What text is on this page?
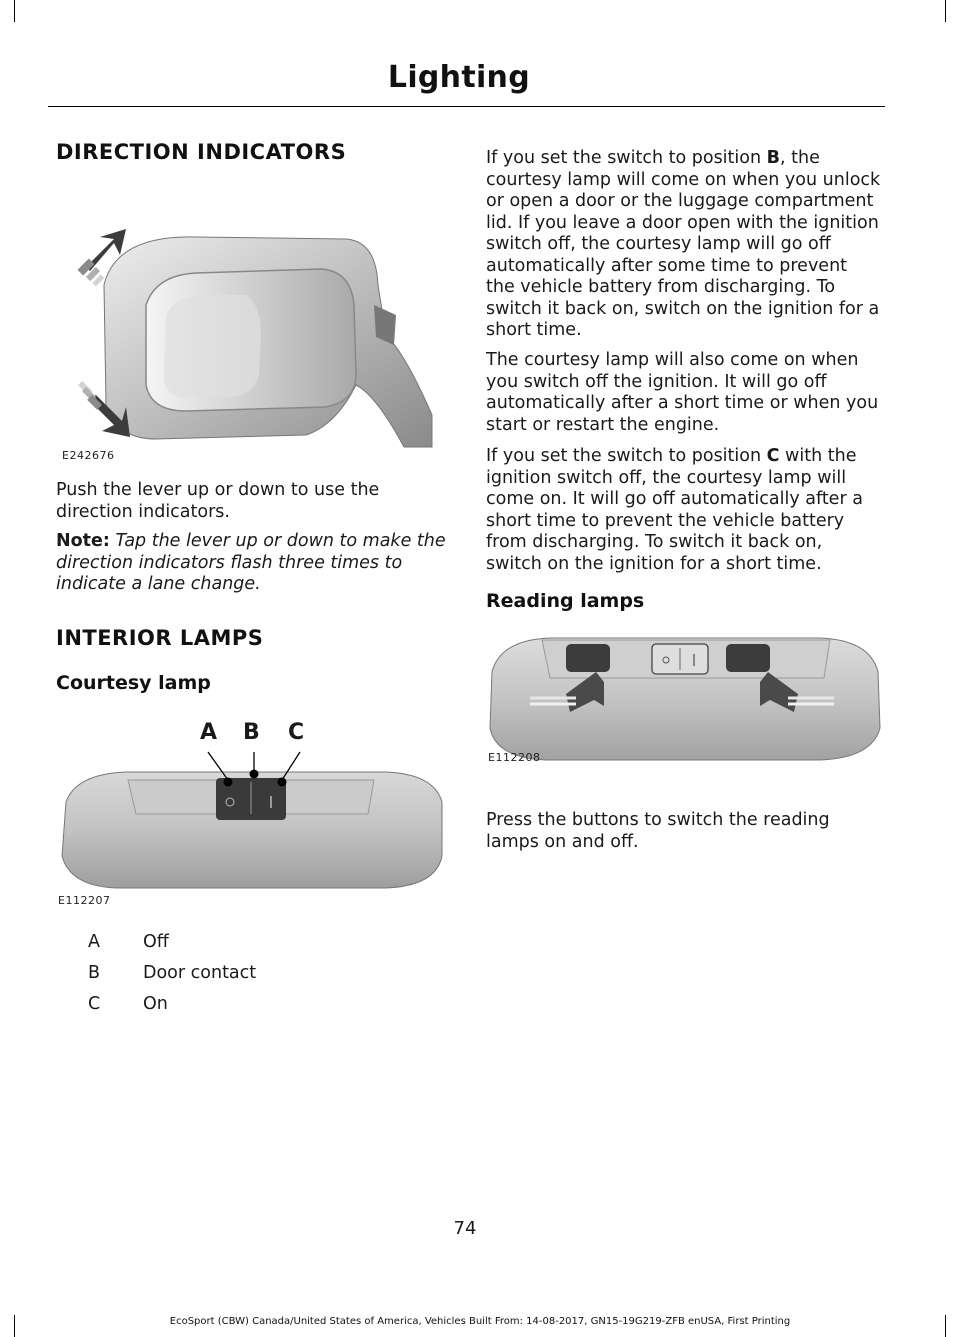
Lighting
DIRECTION INDICATORS
E242676

Push the lever up or down to use the direction indicators.

Note: Tap the lever up or down to make the direction indicators flash three times to indicate a lane change.

INTERIOR LAMPS
Courtesy lamp
A B C
E112207
A	Off
B	Door contact
C	On

If you set the switch to position B, the courtesy lamp will come on when you unlock or open a door or the luggage compartment lid. If you leave a door open with the ignition switch off, the courtesy lamp will go off automatically after some time to prevent the vehicle battery from discharging. To switch it back on, switch on the ignition for a short time.

The courtesy lamp will also come on when you switch off the ignition. It will go off automatically after a short time or when you start or restart the engine.

If you set the switch to position C with the ignition switch off, the courtesy lamp will come on. It will go off automatically after a short time to prevent the vehicle battery from discharging. To switch it back on, switch on the ignition for a short time.

Reading lamps
E112208

Press the buttons to switch the reading lamps on and off.

74
EcoSport (CBW) Canada/United States of America, Vehicles Built From: 14-08-2017, GN15-19G219-ZFB enUSA, First Printing
